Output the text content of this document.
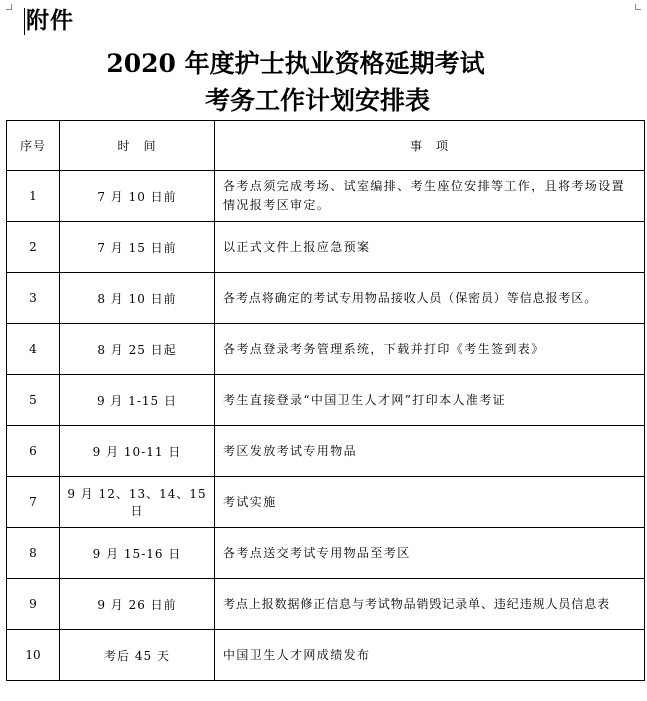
附件
2020 年度护士执业资格延期考试
考务工作计划安排表
序号	时　间	事　项
1	7 月 10 日前	各考点须完成考场、试室编排、考生座位安排等工作，且将考场设置情况报考区审定。
2	7 月 15 日前	以正式文件上报应急预案
3	8 月 10 日前	各考点将确定的考试专用物品接收人员（保密员）等信息报考区。
4	8 月 25 日起	各考点登录考务管理系统，下载并打印《考生签到表》
5	9 月 1-15 日	考生直接登录“中国卫生人才网”打印本人准考证
6	9 月 10-11 日	考区发放考试专用物品
7	9 月 12、13、14、15 日	考试实施
8	9 月 15-16 日	各考点送交考试专用物品至考区
9	9 月 26 日前	考点上报数据修正信息与考试物品销毁记录单、违纪违规人员信息表
10	考后 45 天	中国卫生人才网成绩发布
